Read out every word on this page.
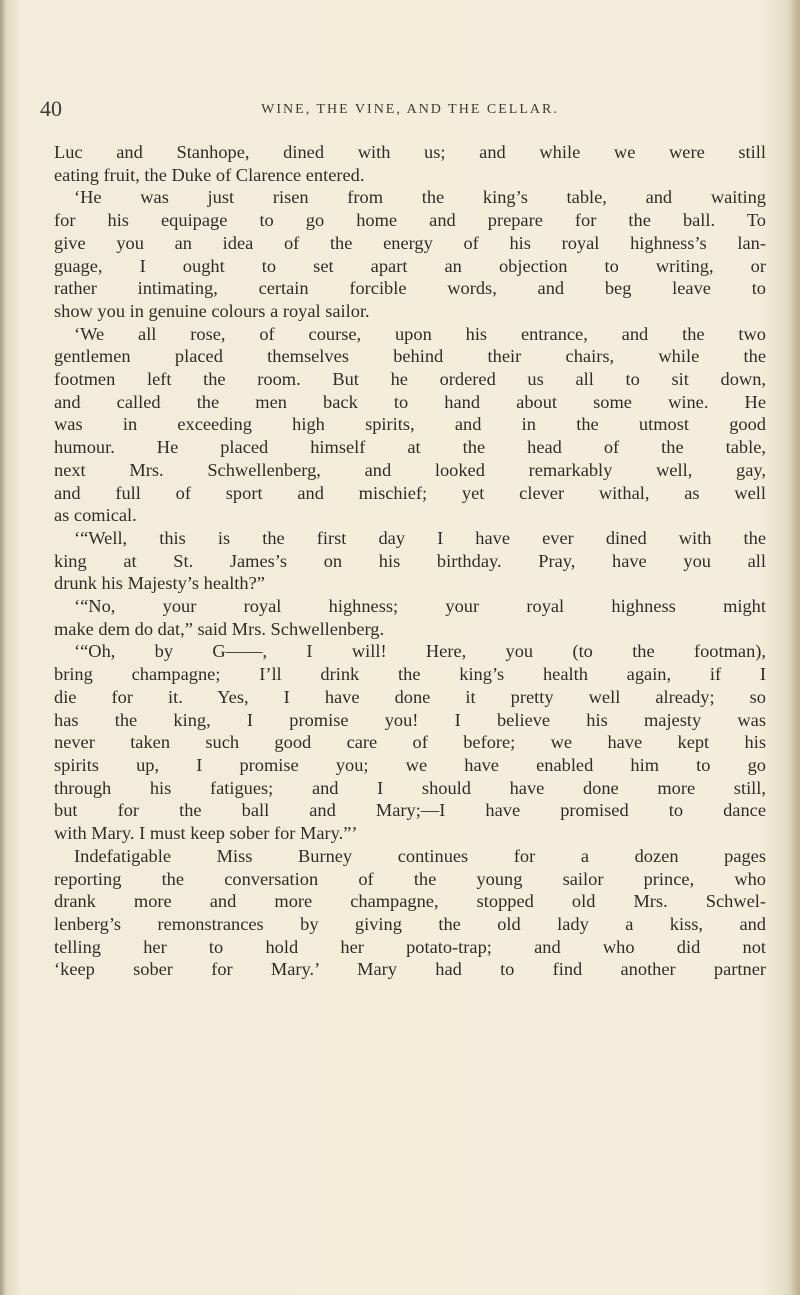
40	WINE, THE VINE, AND THE CELLAR.
Luc and Stanhope, dined with us; and while we were still
eating fruit, the Duke of Clarence entered.
‘He was just risen from the king’s table, and waiting
for his equipage to go home and prepare for the ball. To
give you an idea of the energy of his royal highness’s lan-
guage, I ought to set apart an objection to writing, or
rather intimating, certain forcible words, and beg leave to
show you in genuine colours a royal sailor.
‘We all rose, of course, upon his entrance, and the two
gentlemen placed themselves behind their chairs, while the
footmen left the room. But he ordered us all to sit down,
and called the men back to hand about some wine. He
was in exceeding high spirits, and in the utmost good
humour. He placed himself at the head of the table,
next Mrs. Schwellenberg, and looked remarkably well, gay,
and full of sport and mischief; yet clever withal, as well
as comical.
‘“Well, this is the first day I have ever dined with the
king at St. James’s on his birthday. Pray, have you all
drunk his Majesty’s health?”
‘“No, your royal highness; your royal highness might
make dem do dat,” said Mrs. Schwellenberg.
‘“Oh, by G——, I will! Here, you (to the footman),
bring champagne; I’ll drink the king’s health again, if I
die for it. Yes, I have done it pretty well already; so
has the king, I promise you! I believe his majesty was
never taken such good care of before; we have kept his
spirits up, I promise you; we have enabled him to go
through his fatigues; and I should have done more still,
but for the ball and Mary;—I have promised to dance
with Mary. I must keep sober for Mary.”’
Indefatigable Miss Burney continues for a dozen pages
reporting the conversation of the young sailor prince, who
drank more and more champagne, stopped old Mrs. Schwel-
lenberg’s remonstrances by giving the old lady a kiss, and
telling her to hold her potato-trap; and who did not
‘keep sober for Mary.’ Mary had to find another partner
